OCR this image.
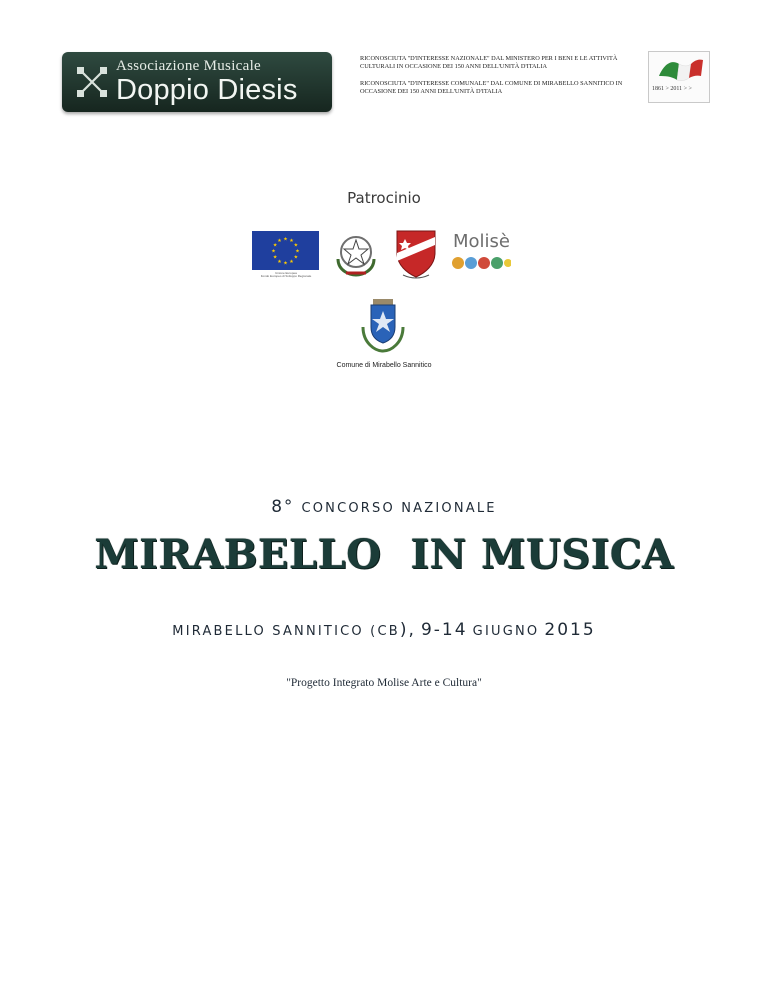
Associazione Musicale
Doppio Diesis
RICONOSCIUTA "D'INTERESSE NAZIONALE" DAL MINISTERO PER I BENI E LE ATTIVITÀ CULTURALI IN OCCASIONE DEI 150 ANNI DELL'UNITÀ D'ITALIA
RICONOSCIUTA "D'INTERESSE COMUNALE" DAL COMUNE DI MIRABELLO SANNITICO IN OCCASIONE DEI 150 ANNI DELL'UNITÀ D'ITALIA	1861 > 2011 > >
Patrocinio
★ ★
★
★
★
★
★
★
★
★
★
★
Unione Europea
Fondo Europeo di Sviluppo Regionale
Molisè
Comune di Mirabello Sannitico
8° CONCORSO NAZIONALE
MIRABELLO  IN MUSICA
MIRABELLO SANNITICO (CB), 9-14 GIUGNO 2015
"Progetto Integrato Molise Arte e Cultura"
